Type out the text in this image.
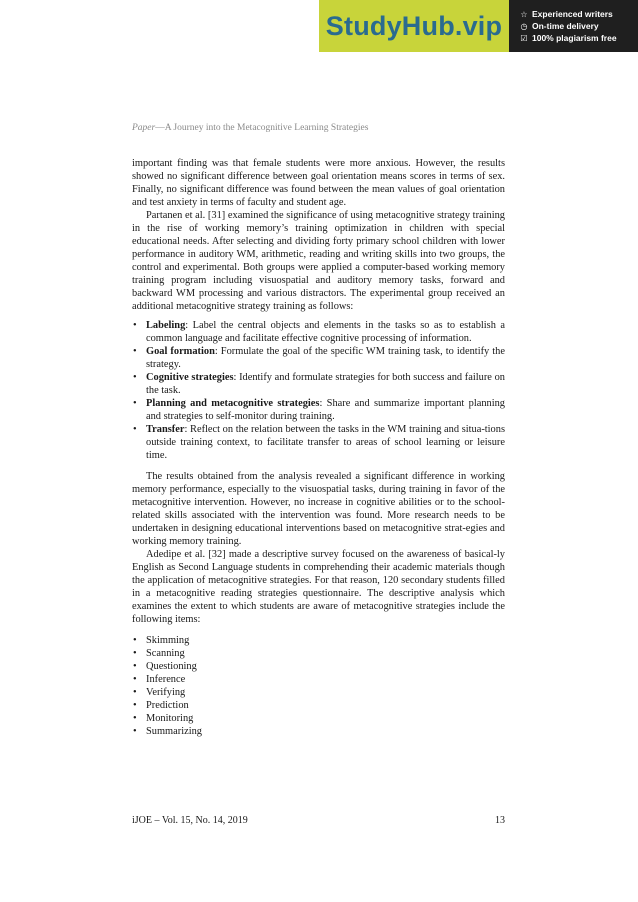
StudyHub.vip ☆ Experienced writers
◷ On-time delivery
☑ 100% plagiarism free
Paper—A Journey into the Metacognitive Learning Strategies

important finding was that female students were more anxious. However, the results showed no significant difference between goal orientation means scores in terms of sex. Finally, no significant difference was found between the mean values of goal orientation and test anxiety in terms of faculty and student age.

Partanen et al. [31] examined the significance of using metacognitive strategy training in the rise of working memory’s training optimization in children with special educational needs. After selecting and dividing forty primary school children with lower performance in auditory WM, arithmetic, reading and writing skills into two groups, the control and experimental. Both groups were applied a computer-based working memory training program including visuospatial and auditory memory tasks, forward and backward WM processing and various distractors. The experimental group received an additional metacognitive strategy training as follows:

• Labeling: Label the central objects and elements in the tasks so as to establish a common language and facilitate effective cognitive processing of information.
• Goal formation: Formulate the goal of the specific WM training task, to identify the strategy.
• Cognitive strategies: Identify and formulate strategies for both success and failure on the task.
• Planning and metacognitive strategies: Share and summarize important planning and strategies to self-monitor during training.
• Transfer: Reflect on the relation between the tasks in the WM training and situa-tions outside training context, to facilitate transfer to areas of school learning or leisure time.

The results obtained from the analysis revealed a significant difference in working memory performance, especially to the visuospatial tasks, during training in favor of the metacognitive intervention. However, no increase in cognitive abilities or to the school-related skills associated with the intervention was found. More research needs to be undertaken in designing educational interventions based on metacognitive strat-egies and working memory training.

Adedipe et al. [32] made a descriptive survey focused on the awareness of basical-ly English as Second Language students in comprehending their academic materials though the application of metacognitive strategies. For that reason, 120 secondary students filled in a metacognitive reading strategies questionnaire. The descriptive analysis which examines the extent to which students are aware of metacognitive strategies include the following items:

• Skimming
• Scanning
• Questioning
• Inference
• Verifying
• Prediction
• Monitoring
• Summarizing
iJOE – Vol. 15, No. 14, 2019	13
